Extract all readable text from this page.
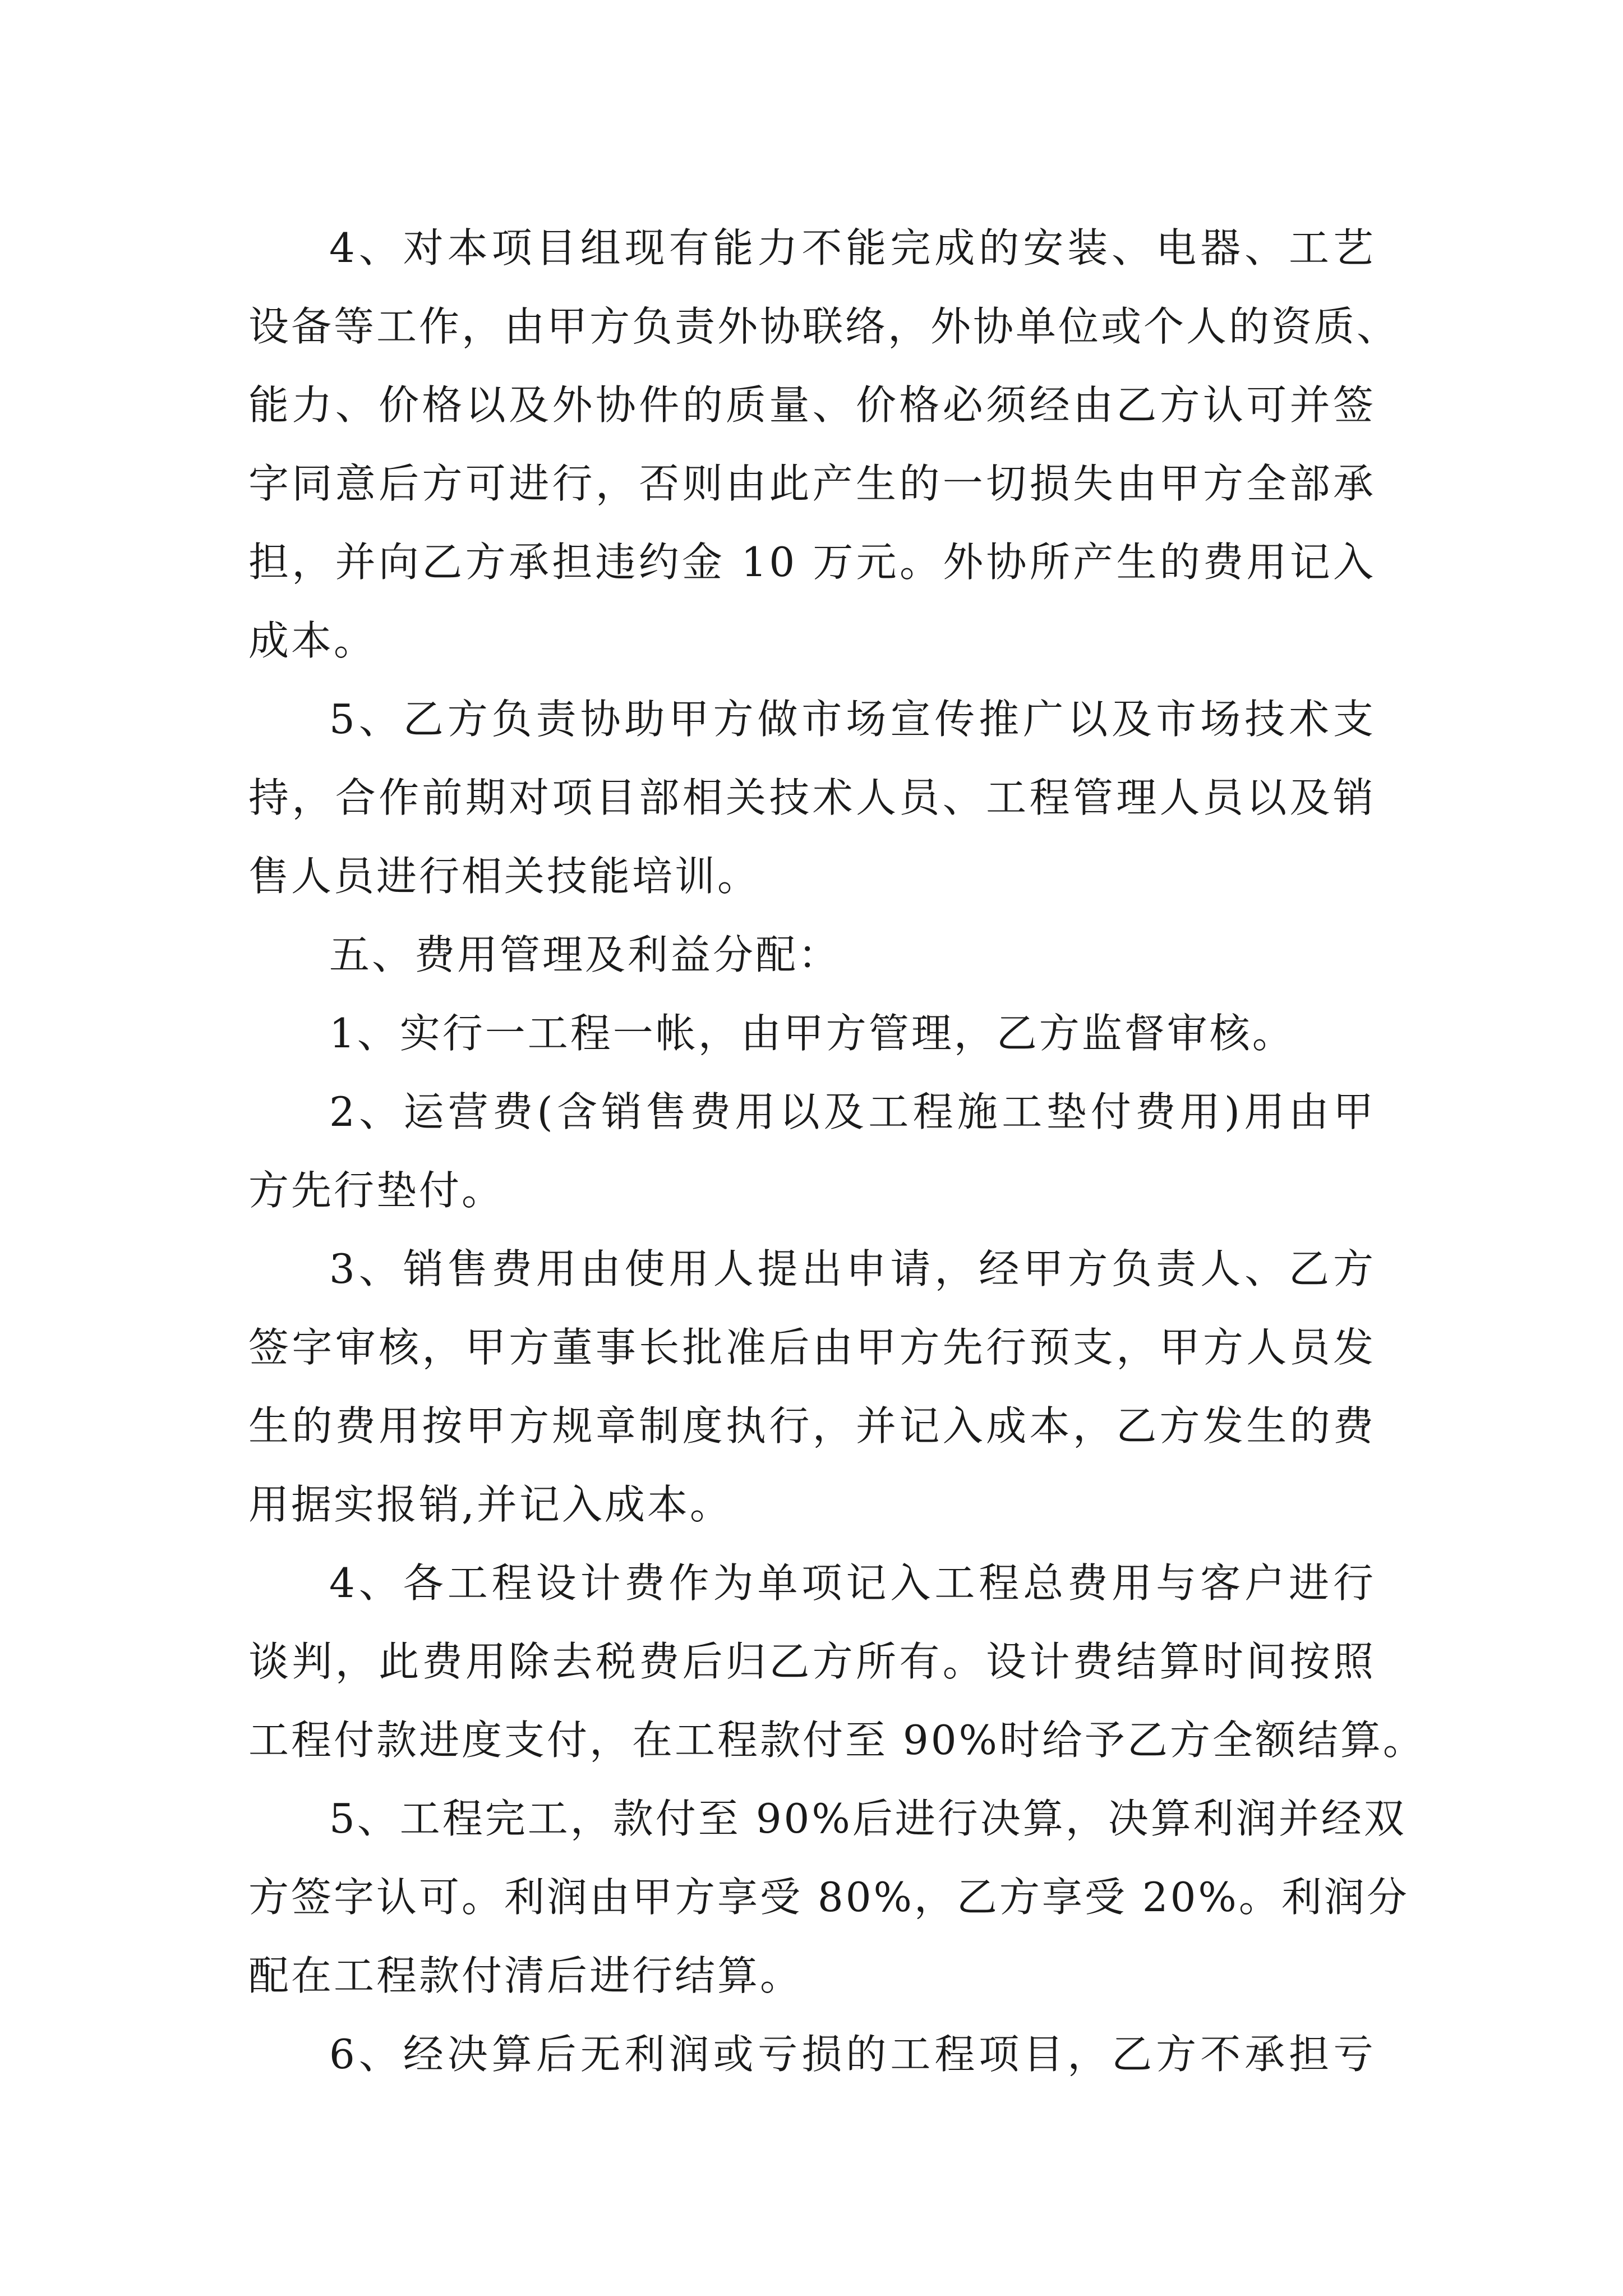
4、对本项目组现有能力不能完成的安装、电器、工艺
设备等工作，由甲方负责外协联络，外协单位或个人的资质、
能力、价格以及外协件的质量、价格必须经由乙方认可并签
字同意后方可进行，否则由此产生的一切损失由甲方全部承
担，并向乙方承担违约金 10 万元。外协所产生的费用记入
成本。
5、乙方负责协助甲方做市场宣传推广以及市场技术支
持，合作前期对项目部相关技术人员、工程管理人员以及销
售人员进行相关技能培训。
五、费用管理及利益分配：
1、实行一工程一帐，由甲方管理，乙方监督审核。
2、运营费(含销售费用以及工程施工垫付费用)用由甲
方先行垫付。
3、销售费用由使用人提出申请，经甲方负责人、乙方
签字审核，甲方董事长批准后由甲方先行预支，甲方人员发
生的费用按甲方规章制度执行，并记入成本，乙方发生的费
用据实报销,并记入成本。
4、各工程设计费作为单项记入工程总费用与客户进行
谈判，此费用除去税费后归乙方所有。设计费结算时间按照
工程付款进度支付，在工程款付至 90%时给予乙方全额结算。
5、工程完工，款付至 90%后进行决算，决算利润并经双
方签字认可。利润由甲方享受 80%，乙方享受 20%。利润分
配在工程款付清后进行结算。
6、经决算后无利润或亏损的工程项目，乙方不承担亏
